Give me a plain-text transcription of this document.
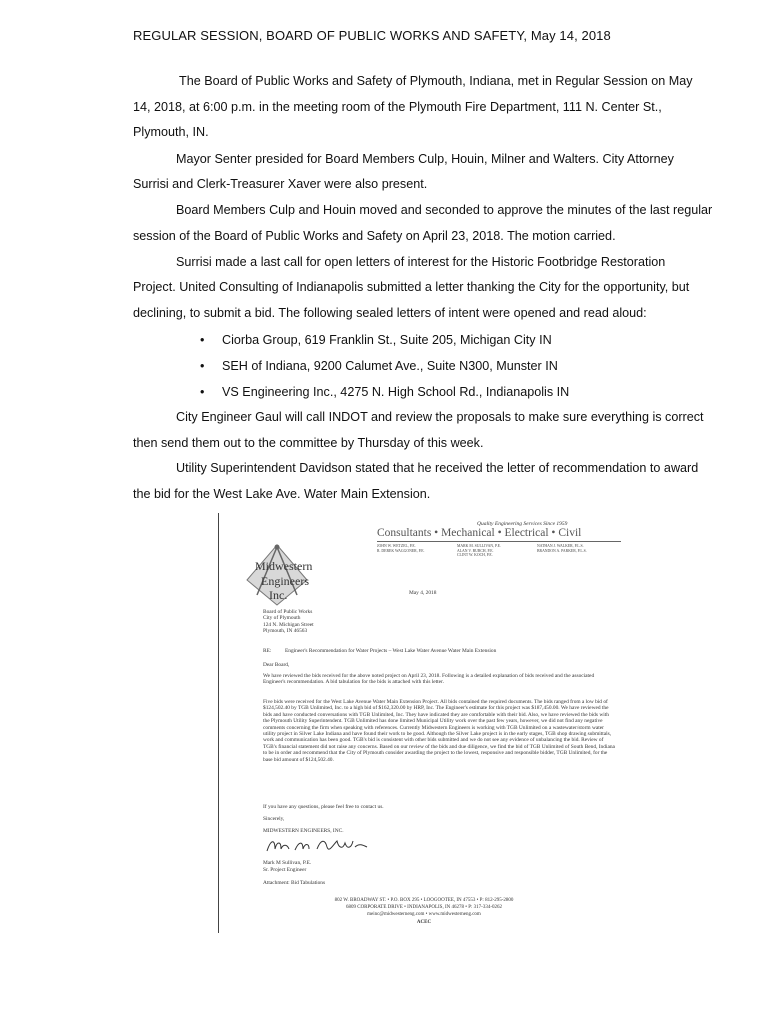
REGULAR SESSION, BOARD OF PUBLIC WORKS AND SAFETY, May 14, 2018
The Board of Public Works and Safety of Plymouth, Indiana, met in Regular Session on May
14, 2018, at 6:00 p.m. in the meeting room of the Plymouth Fire Department, 111 N. Center St.,
Plymouth, IN.
Mayor Senter presided for Board Members Culp, Houin, Milner and Walters. City Attorney
Surrisi and Clerk-Treasurer Xaver were also present.
Board Members Culp and Houin moved and seconded to approve the minutes of the last regular
session of the Board of Public Works and Safety on April 23, 2018. The motion carried.
Surrisi made a last call for open letters of interest for the Historic Footbridge Restoration
Project. United Consulting of Indianapolis submitted a letter thanking the City for the opportunity, but
declining, to submit a bid. The following sealed letters of intent were opened and read aloud:
• Ciorba Group, 619 Franklin St., Suite 205, Michigan City IN
• SEH of Indiana, 9200 Calumet Ave., Suite N300, Munster IN
• VS Engineering Inc., 4275 N. High School Rd., Indianapolis IN
City Engineer Gaul will call INDOT and review the proposals to make sure everything is correct
then send them out to the committee by Thursday of this week.
Utility Superintendent Davidson stated that he received the letter of recommendation to award
the bid for the West Lake Ave. Water Main Extension.
Quality Engineering Services Since 1959
Consultants • Mechanical • Electrical • Civil
JOHN W. WETZEL, P.E.
R. DEREK WAGGONER, P.E.
MARK M. SULLIVAN, P.E.
ALAN V. BURCH, P.E.
CLINT W. KOCH, P.E.
NATHAN J. WALKER, P.L.S.
BRANDON A. PARKER, P.L.S.
Midwestern
Engineers
Inc.	May 4, 2018
Board of Public Works
City of Plymouth
124 N. Michigan Street
Plymouth, IN 46563
RE:	Engineer's Recommendation for Water Projects – West Lake Water Avenue Water Main Extension
Dear Board,
We have reviewed the bids received for the above noted project on April 23, 2018. Following is a detailed explanation of bids received and the associated Engineer's recommendation. A bid tabulation for the bids is attached with this letter.
Five bids were received for the West Lake Avenue Water Main Extension Project. All bids contained the required documents. The bids ranged from a low bid of $124,502.40 by TGB Unlimited, Inc. to a high bid of $162,320.00 by HRP, Inc. The Engineer's estimate for this project was $187,450.00. We have reviewed the bids and have conducted conversations with TGB Unlimited, Inc. They have indicated they are comfortable with their bid. Also, we have reviewed the bids with the Plymouth Utility Superintendent. TGB Unlimited has done limited Municipal Utility work over the past few years, however, we did not find any negative comments concerning the firm when speaking with references. Currently Midwestern Engineers is working with TGB Unlimited on a wastewater/storm water utility project in Silver Lake Indiana and have found their work to be good. Although the Silver Lake project is in the early stages, TGB shop drawing submittals, work and communication has been good. TGB's bid is consistent with other bids submitted and we do not see any evidence of unbalancing the bid. Review of TGB's financial statement did not raise any concerns. Based on our review of the bids and due diligence, we find the bid of TGB Unlimited of South Bend, Indiana to be in order and recommend that the City of Plymouth consider awarding the project to the lowest, responsive and responsible bidder, TGB Unlimited, for the base bid amount of $124,502.40.
If you have any questions, please feel free to contact us.
Sincerely,
MIDWESTERN ENGINEERS, INC.
Mark M Sullivan, P.E.
Sr. Project Engineer
Attachment: Bid Tabulations
802 W. BROADWAY ST. • P.O. BOX 295 • LOOGOOTEE, IN 47553 • P: 812-295-2800
6809 CORPORATE DRIVE • INDIANAPOLIS, IN 46278 • P: 317-334-0262
meinc@midwesterneng.com • www.midwesterneng.com
ACEC
